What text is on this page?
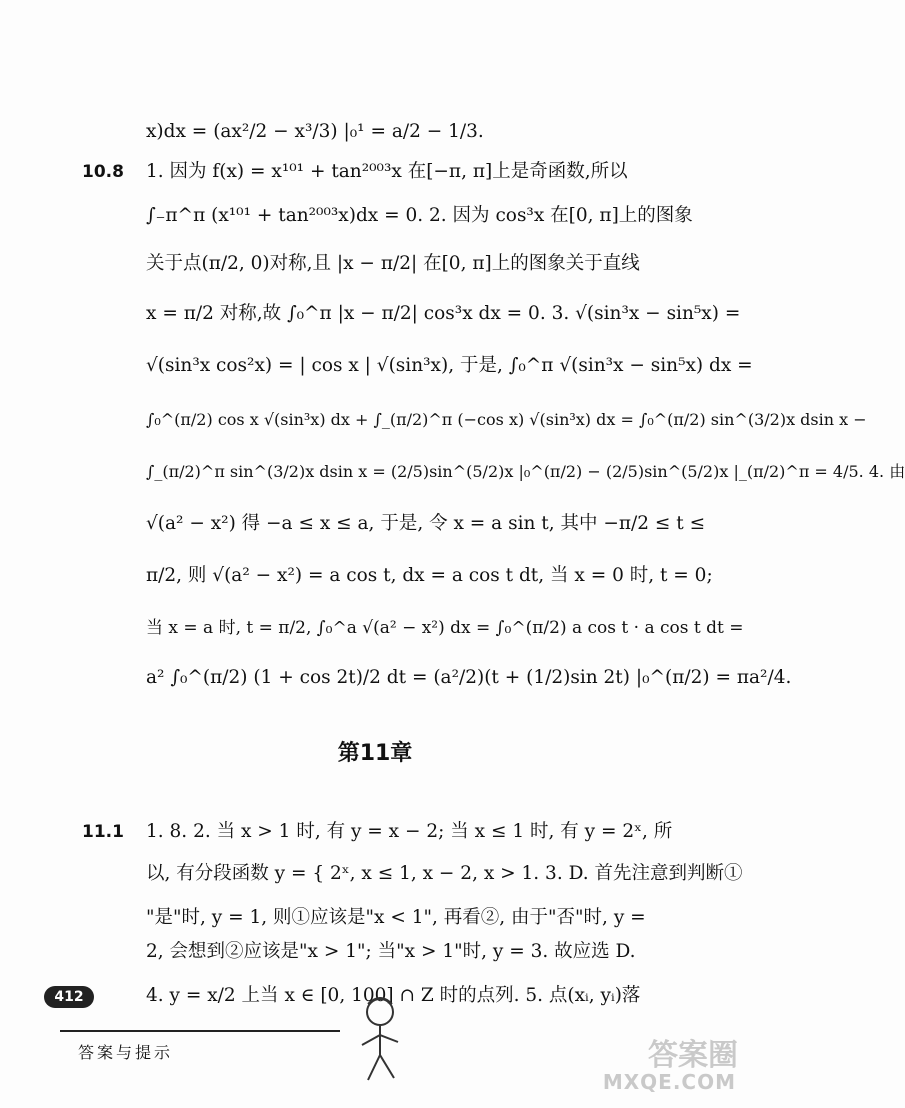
x)dx = (ax²/2 − x³/3) |₀¹ = a/2 − 1/3.
10.8 1. 因为 f(x) = x¹⁰¹ + tan²⁰⁰³x 在[−π, π]上是奇函数,所以
∫₋π^π (x¹⁰¹ + tan²⁰⁰³x)dx = 0. 2. 因为 cos³x 在[0, π]上的图象
关于点(π/2, 0)对称,且 |x − π/2| 在[0, π]上的图象关于直线
x = π/2 对称,故 ∫₀^π |x − π/2| cos³x dx = 0. 3. √(sin³x − sin⁵x) =
√(sin³x cos²x) = | cos x | √(sin³x), 于是, ∫₀^π √(sin³x − sin⁵x) dx =
∫₀^(π/2) cos x √(sin³x) dx + ∫_(π/2)^π (−cos x) √(sin³x) dx = ∫₀^(π/2) sin^(3/2)x dsin x −
∫_(π/2)^π sin^(3/2)x dsin x = (2/5)sin^(5/2)x |₀^(π/2) − (2/5)sin^(5/2)x |_(π/2)^π = 4/5. 4. 由
√(a² − x²) 得 −a ≤ x ≤ a, 于是, 令 x = a sin t, 其中 −π/2 ≤ t ≤
π/2, 则 √(a² − x²) = a cos t, dx = a cos t dt, 当 x = 0 时, t = 0;
当 x = a 时, t = π/2, ∫₀^a √(a² − x²) dx = ∫₀^(π/2) a cos t · a cos t dt =
a² ∫₀^(π/2) (1 + cos 2t)/2 dt = (a²/2)(t + (1/2)sin 2t) |₀^(π/2) = πa²/4.
第11章
11.1 1. 8. 2. 当 x > 1 时, 有 y = x − 2; 当 x ≤ 1 时, 有 y = 2ˣ, 所
以, 有分段函数 y = { 2ˣ, x ≤ 1, x − 2, x > 1. 3. D. 首先注意到判断①
"是"时, y = 1, 则①应该是"x < 1", 再看②, 由于"否"时, y =
2, 会想到②应该是"x > 1"; 当"x > 1"时, y = 3. 故应选 D.
4. y = x/2 上当 x ∈ [0, 100] ∩ Z 时的点列. 5. 点(xᵢ, yᵢ)落
412
答案与提示	答案圈
MXQE.COM
